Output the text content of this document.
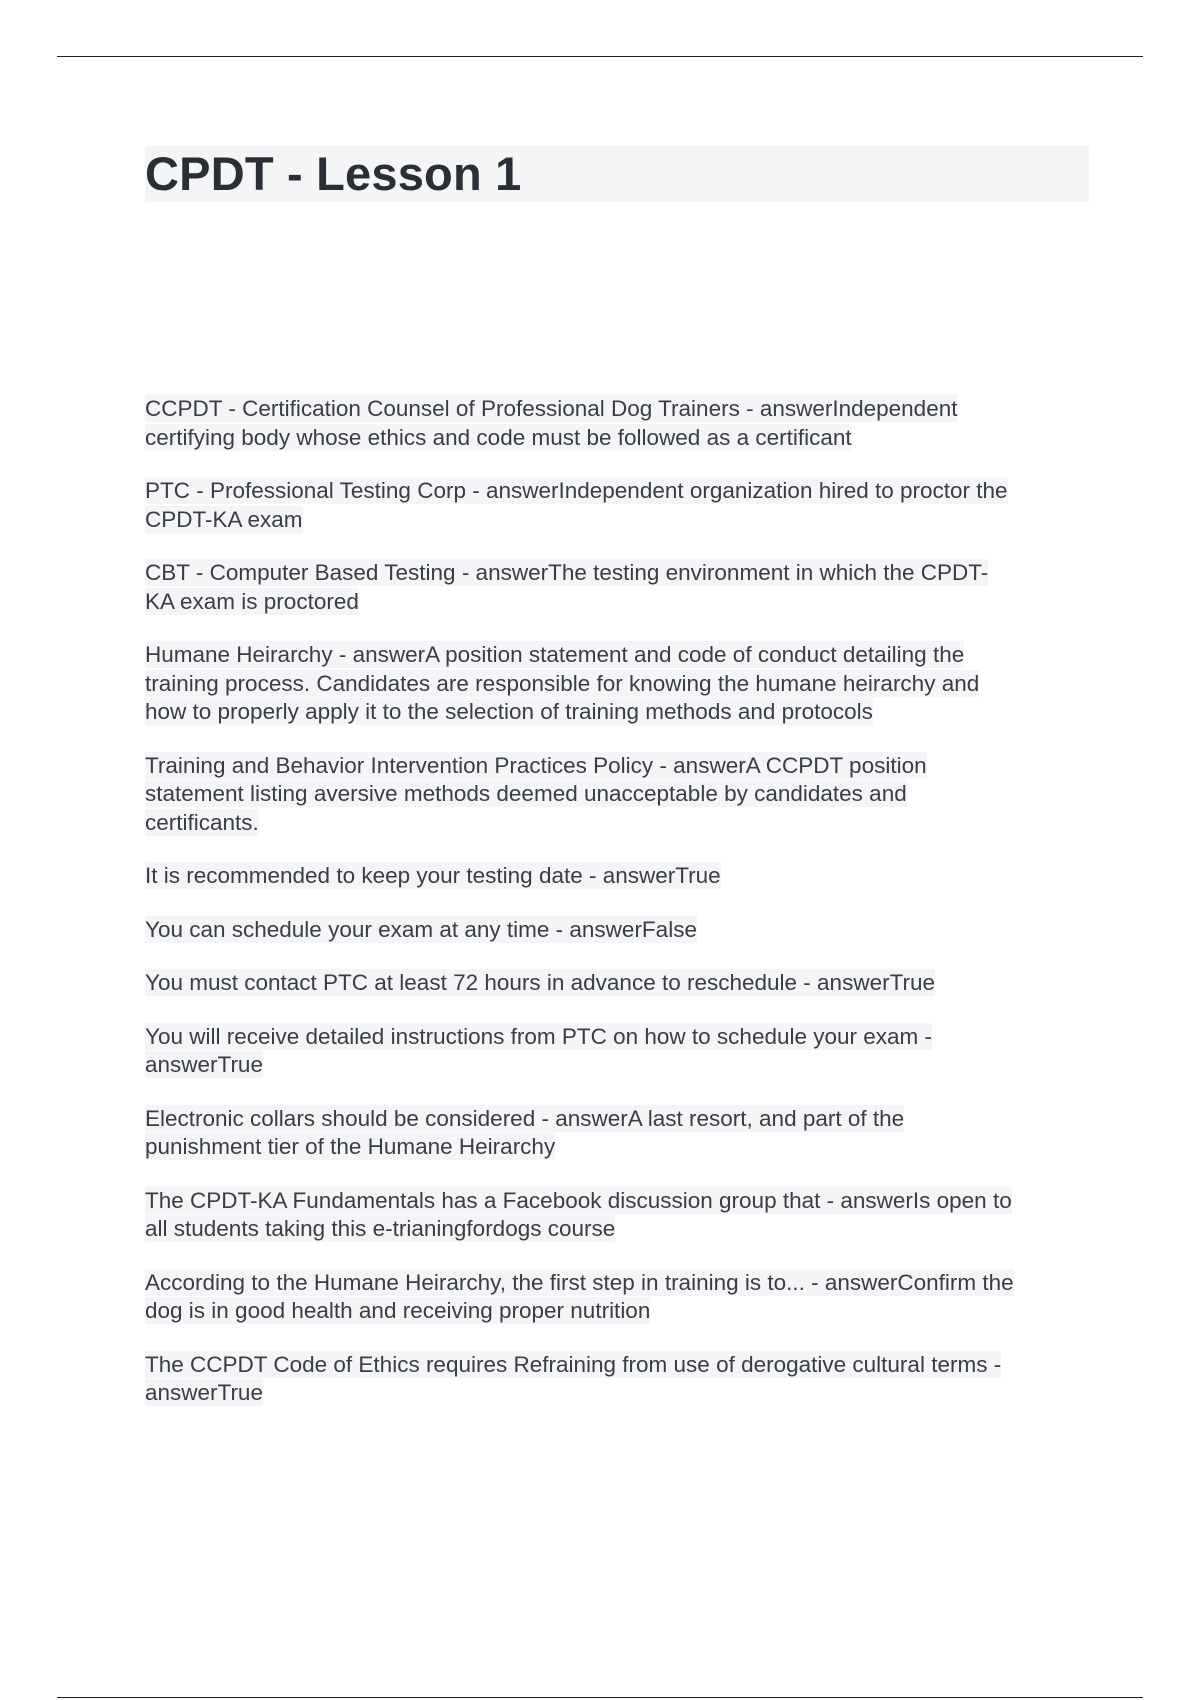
CPDT - Lesson 1

CCPDT - Certification Counsel of Professional Dog Trainers - answerIndependent
certifying body whose ethics and code must be followed as a certificant

PTC - Professional Testing Corp - answerIndependent organization hired to proctor the
CPDT-KA exam

CBT - Computer Based Testing - answerThe testing environment in which the CPDT-
KA exam is proctored

Humane Heirarchy - answerA position statement and code of conduct detailing the
training process. Candidates are responsible for knowing the humane heirarchy and
how to properly apply it to the selection of training methods and protocols

Training and Behavior Intervention Practices Policy - answerA CCPDT position
statement listing aversive methods deemed unacceptable by candidates and
certificants.

It is recommended to keep your testing date - answerTrue

You can schedule your exam at any time - answerFalse

You must contact PTC at least 72 hours in advance to reschedule - answerTrue

You will receive detailed instructions from PTC on how to schedule your exam -
answerTrue

Electronic collars should be considered - answerA last resort, and part of the
punishment tier of the Humane Heirarchy

The CPDT-KA Fundamentals has a Facebook discussion group that - answerIs open to
all students taking this e-trianingfordogs course

According to the Humane Heirarchy, the first step in training is to... - answerConfirm the
dog is in good health and receiving proper nutrition

The CCPDT Code of Ethics requires Refraining from use of derogative cultural terms -
answerTrue
